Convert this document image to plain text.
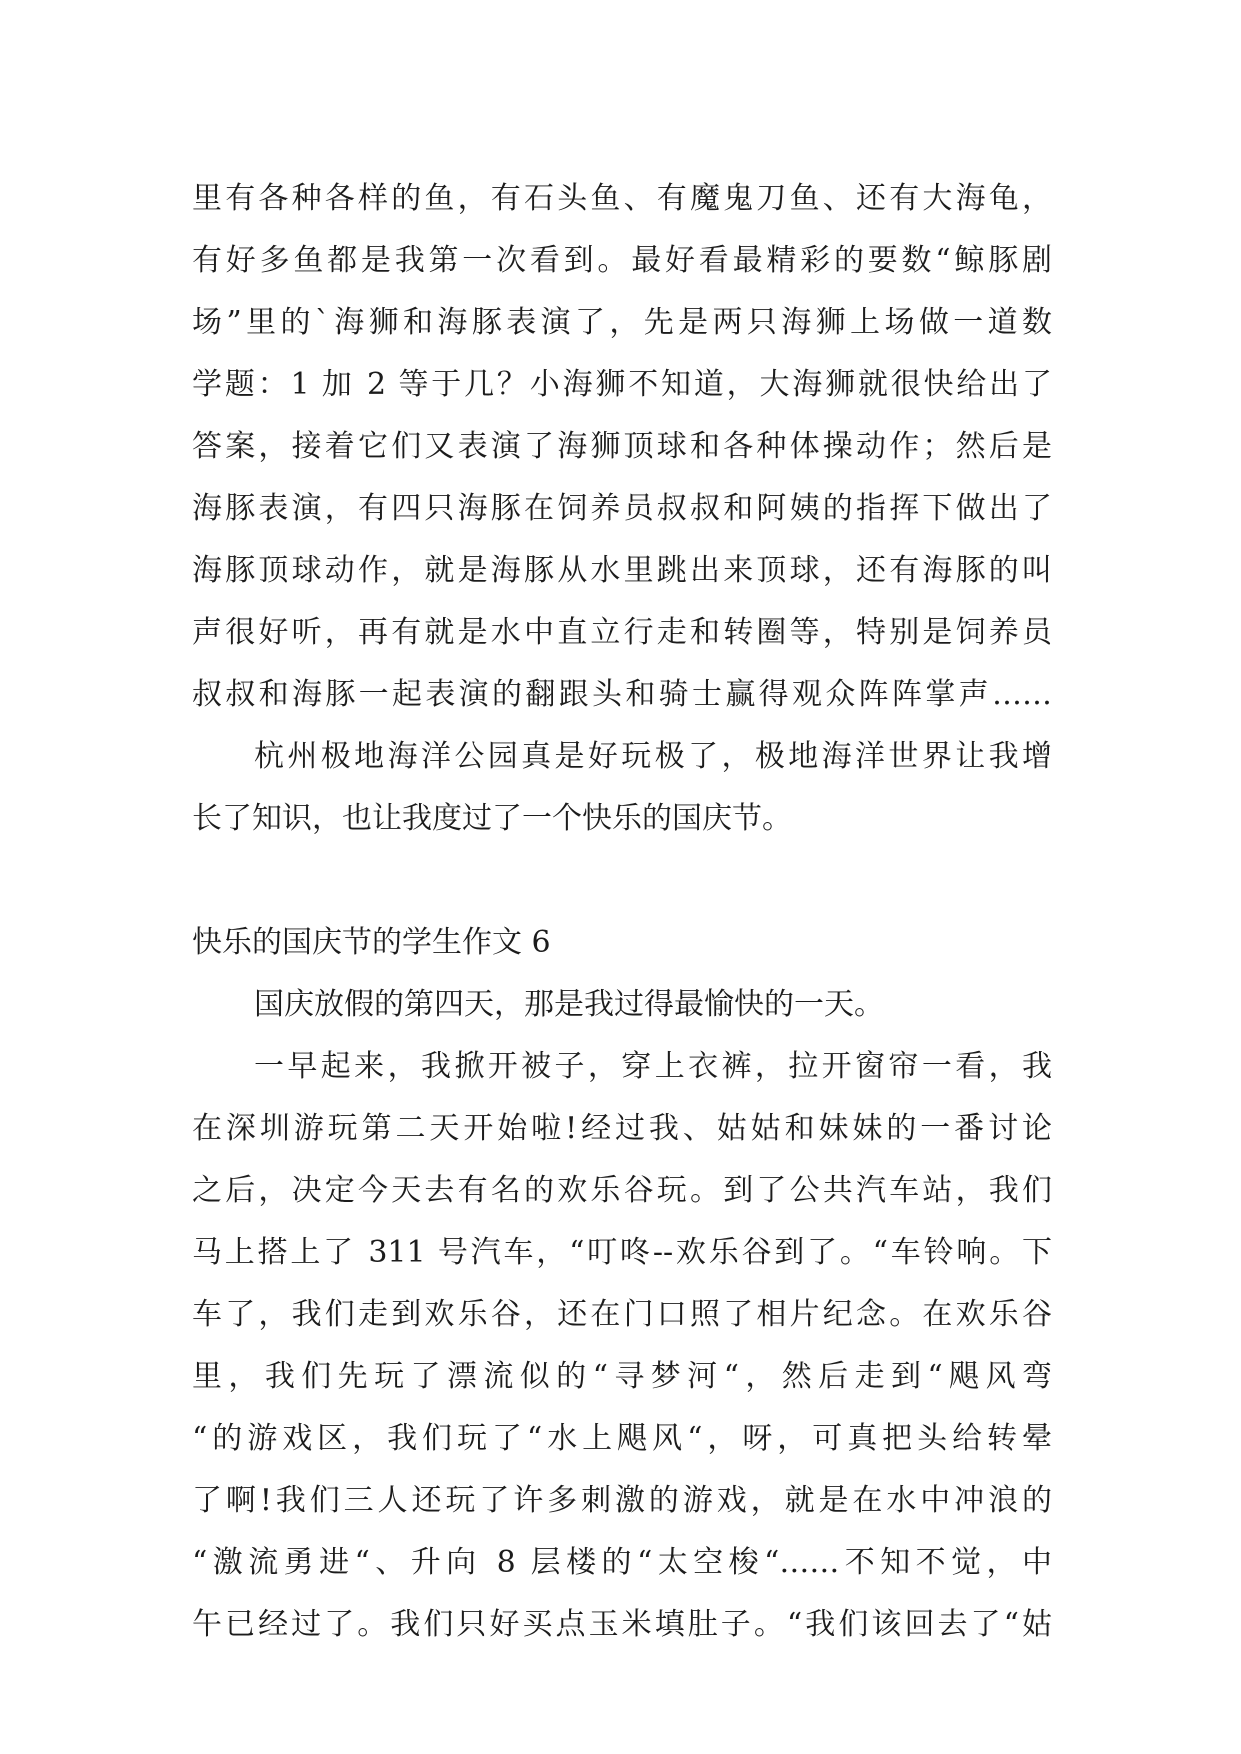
里有各种各样的鱼，有石头鱼、有魔鬼刀鱼、还有大海龟，
有好多鱼都是我第一次看到。最好看最精彩的要数“鲸豚剧
场”里的`海狮和海豚表演了，先是两只海狮上场做一道数
学题：1 加 2 等于几？小海狮不知道，大海狮就很快给出了
答案，接着它们又表演了海狮顶球和各种体操动作；然后是
海豚表演，有四只海豚在饲养员叔叔和阿姨的指挥下做出了
海豚顶球动作，就是海豚从水里跳出来顶球，还有海豚的叫
声很好听，再有就是水中直立行走和转圈等，特别是饲养员
叔叔和海豚一起表演的翻跟头和骑士赢得观众阵阵掌声……
杭州极地海洋公园真是好玩极了，极地海洋世界让我增
长了知识，也让我度过了一个快乐的国庆节。
快乐的国庆节的学生作文 6
国庆放假的第四天，那是我过得最愉快的一天。
一早起来，我掀开被子，穿上衣裤，拉开窗帘一看，我
在深圳游玩第二天开始啦!经过我、姑姑和妹妹的一番讨论
之后，决定今天去有名的欢乐谷玩。到了公共汽车站，我们
马上搭上了 311 号汽车，“叮咚--欢乐谷到了。“车铃响。下
车了，我们走到欢乐谷，还在门口照了相片纪念。在欢乐谷
里，我们先玩了漂流似的“寻梦河“，然后走到“飓风弯
“的游戏区，我们玩了“水上飓风“，呀，可真把头给转晕
了啊!我们三人还玩了许多刺激的游戏，就是在水中冲浪的
“激流勇进“、升向 8 层楼的“太空梭“……不知不觉，中
午已经过了。我们只好买点玉米填肚子。“我们该回去了“姑
